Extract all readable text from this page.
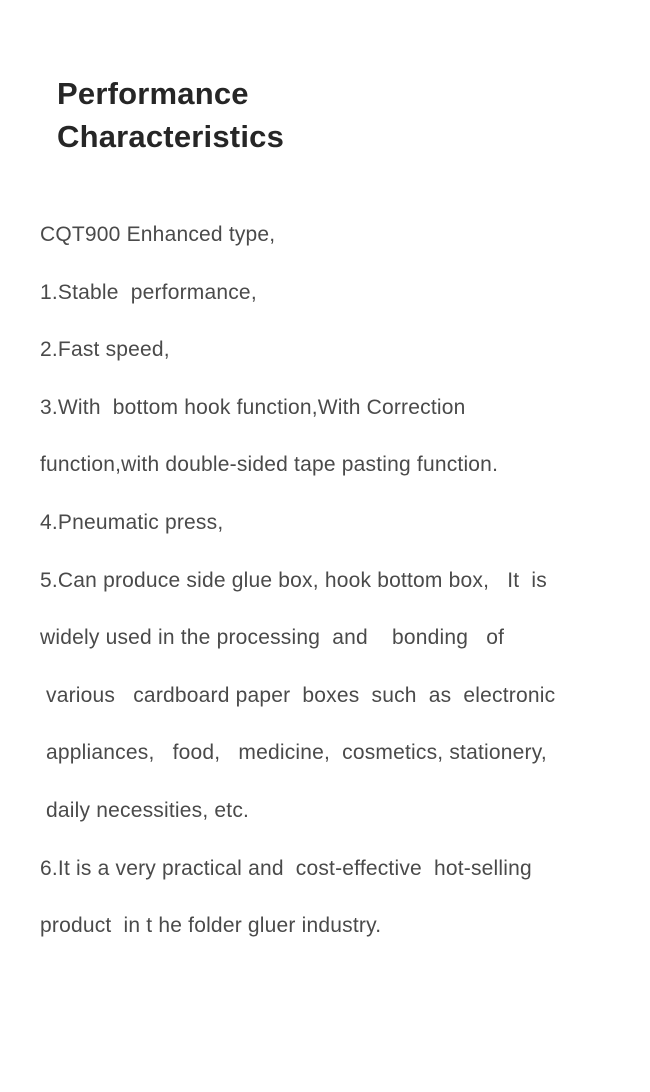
Performance
Characteristics
CQT900 Enhanced type,
1.Stable  performance,
2.Fast speed,
3.With  bottom hook function,With Correction
function,with double-sided tape pasting function.
4.Pneumatic press,
5.Can produce side glue box, hook bottom box,   It  is
widely used in the processing  and    bonding   of
various   cardboard paper  boxes  such  as  electronic
appliances,   food,   medicine,  cosmetics, stationery,
daily necessities, etc.
6.It is a very practical and  cost-effective  hot-selling
product  in t he folder gluer industry.
